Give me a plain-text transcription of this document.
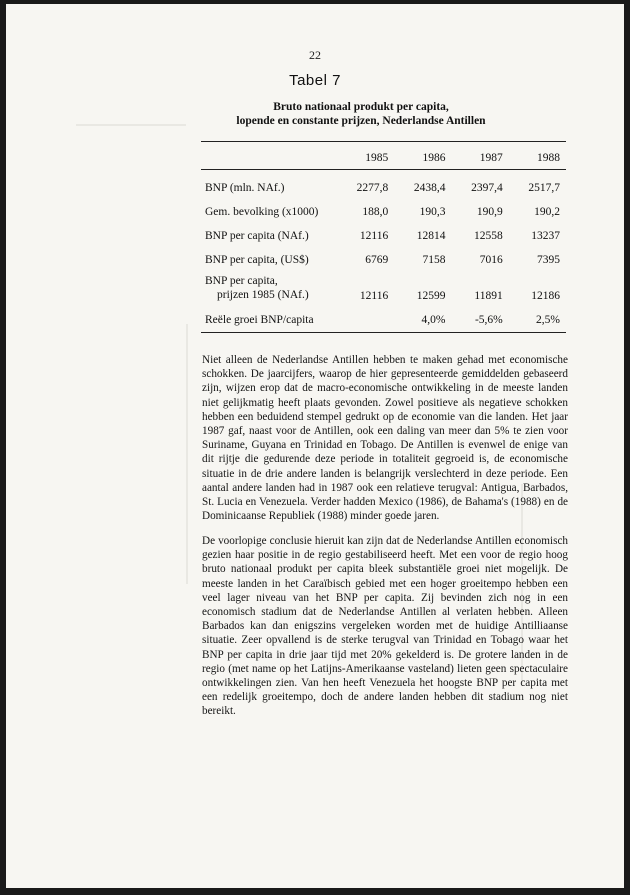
22
Tabel 7
Bruto nationaal produkt per capita,
lopende en constante prijzen, Nederlandse Antillen
	1985	1986	1987	1988
BNP (mln. NAf.)	2277,8	2438,4	2397,4	2517,7
Gem. bevolking (x1000)	188,0	190,3	190,9	190,2
BNP per capita (NAf.)	12116	12814	12558	13237
BNP per capita, (US$)	6769	7158	7016	7395

BNP per capita,
prijzen 1985 (NAf.)	12116	12599	11891	12186
Reële groei BNP/capita		4,0%	-5,6%	2,5%

Niet alleen de Nederlandse Antillen hebben te maken gehad met economische schokken. De jaarcijfers, waarop de hier gepresenteerde gemiddelden gebaseerd zijn, wijzen erop dat de macro-economische ontwikkeling in de meeste landen niet gelijkmatig heeft plaats gevonden. Zowel positieve als negatieve schokken hebben een beduidend stempel gedrukt op de economie van die landen. Het jaar 1987 gaf, naast voor de Antillen, ook een daling van meer dan 5% te zien voor Suriname, Guyana en Trinidad en Tobago. De Antillen is evenwel de enige van dit rijtje die gedurende deze periode in totaliteit gegroeid is, de economische situatie in de drie andere landen is belangrijk verslechterd in deze periode. Een aantal andere landen had in 1987 ook een relatieve terugval: Antigua, Barbados, St. Lucia en Venezuela. Verder hadden Mexico (1986), de Bahama's (1988) en de Dominicaanse Republiek (1988) minder goede jaren.

De voorlopige conclusie hieruit kan zijn dat de Nederlandse Antillen economisch gezien haar positie in de regio gestabiliseerd heeft. Met een voor de regio hoog bruto nationaal produkt per capita bleek substantiële groei niet mogelijk. De meeste landen in het Caraïbisch gebied met een hoger groeitempo hebben een veel lager niveau van het BNP per capita. Zij bevinden zich nog in een economisch stadium dat de Nederlandse Antillen al verlaten hebben. Alleen Barbados kan dan enigszins vergeleken worden met de huidige Antilliaanse situatie. Zeer opvallend is de sterke terugval van Trinidad en Tobago waar het BNP per capita in drie jaar tijd met 20% gekelderd is. De grotere landen in de regio (met name op het Latijns-Amerikaanse vasteland) lieten geen spectaculaire ontwikkelingen zien. Van hen heeft Venezuela het hoogste BNP per capita met een redelijk groeitempo, doch de andere landen hebben dit stadium nog niet bereikt.
